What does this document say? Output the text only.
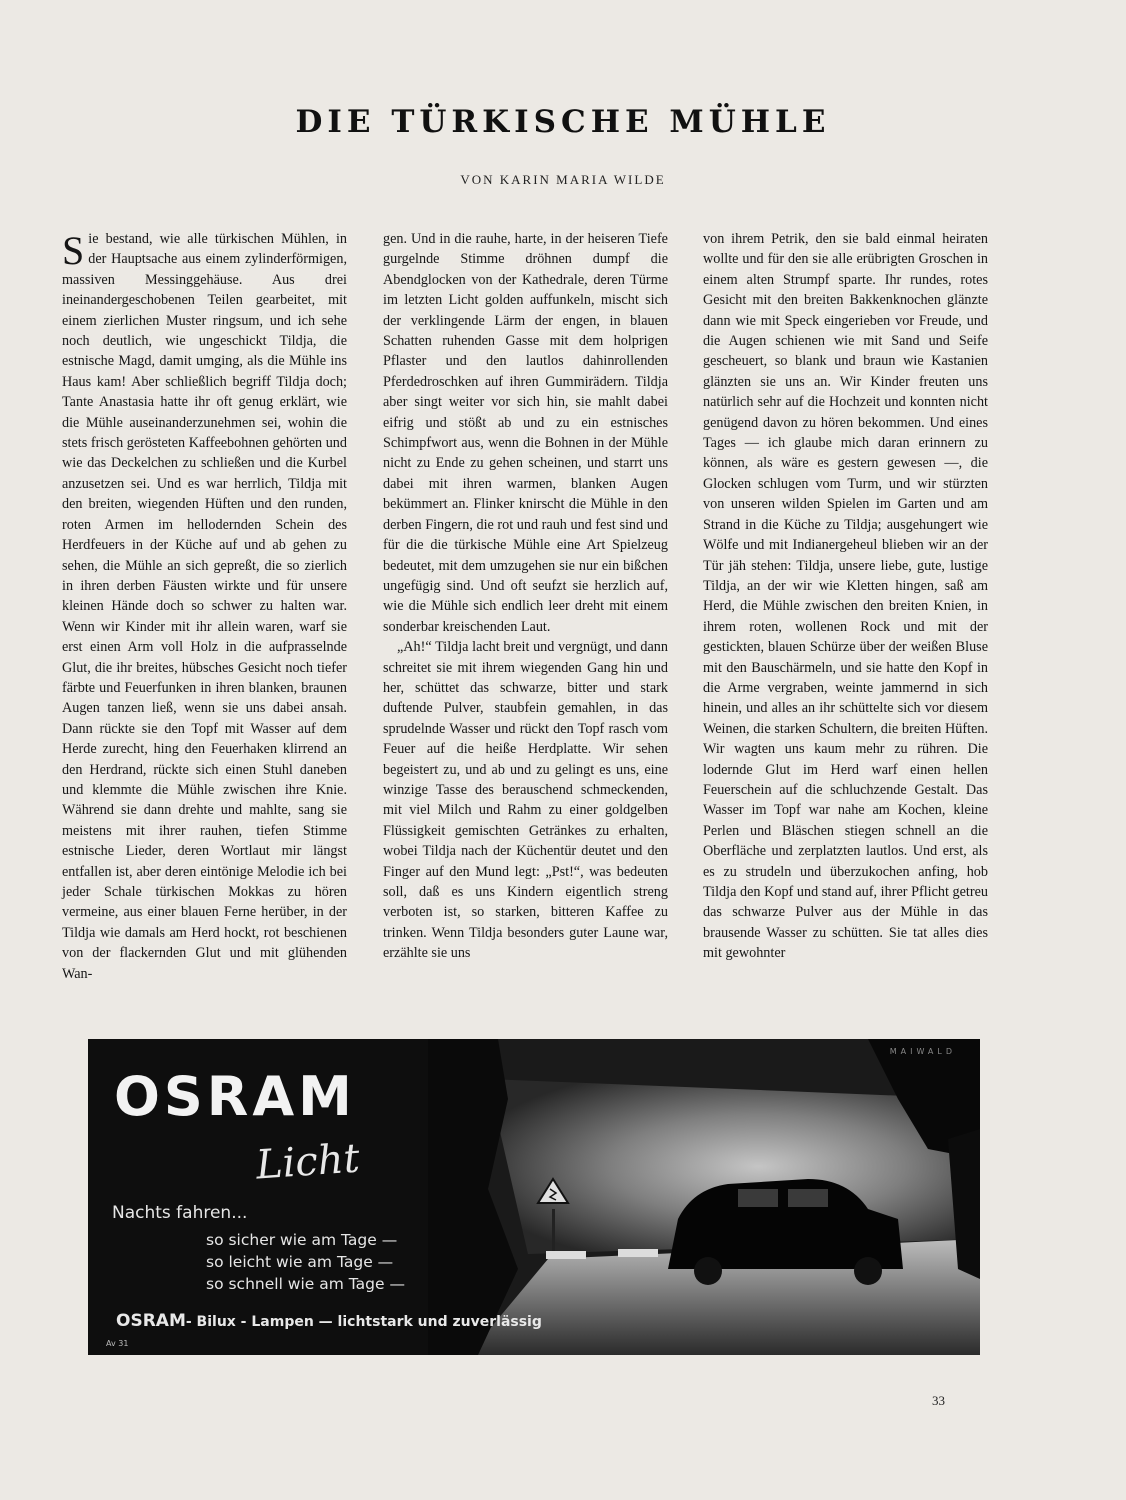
DIE TÜRKISCHE MÜHLE
VON KARIN MARIA WILDE

Sie bestand, wie alle türkischen Mühlen, in der Hauptsache aus einem zylinderförmigen, massiven Messinggehäuse. Aus drei ineinandergeschobenen Teilen gearbeitet, mit einem zierlichen Muster ringsum, und ich sehe noch deutlich, wie ungeschickt Tildja, die estnische Magd, damit umging, als die Mühle ins Haus kam! Aber schließlich begriff Tildja doch; Tante Anastasia hatte ihr oft genug erklärt, wie die Mühle auseinanderzunehmen sei, wohin die stets frisch gerösteten Kaffeebohnen gehörten und wie das Deckelchen zu schließen und die Kurbel anzusetzen sei. Und es war herrlich, Tildja mit den breiten, wiegenden Hüften und den runden, roten Armen im hellodernden Schein des Herdfeuers in der Küche auf und ab gehen zu sehen, die Mühle an sich gepreßt, die so zierlich in ihren derben Fäusten wirkte und für unsere kleinen Hände doch so schwer zu halten war. Wenn wir Kinder mit ihr allein waren, warf sie erst einen Arm voll Holz in die aufprasselnde Glut, die ihr breites, hübsches Gesicht noch tiefer färbte und Feuerfunken in ihren blanken, braunen Augen tanzen ließ, wenn sie uns dabei ansah. Dann rückte sie den Topf mit Wasser auf dem Herde zurecht, hing den Feuerhaken klirrend an den Herdrand, rückte sich einen Stuhl daneben und klemmte die Mühle zwischen ihre Knie. Während sie dann drehte und mahlte, sang sie meistens mit ihrer rauhen, tiefen Stimme estnische Lieder, deren Wortlaut mir längst entfallen ist, aber deren eintönige Melodie ich bei jeder Schale türkischen Mokkas zu hören vermeine, aus einer blauen Ferne herüber, in der Tildja wie damals am Herd hockt, rot beschienen von der flackernden Glut und mit glühenden Wan-

gen. Und in die rauhe, harte, in der heiseren Tiefe gurgelnde Stimme dröhnen dumpf die Abendglocken von der Kathedrale, deren Türme im letzten Licht golden auffunkeln, mischt sich der verklingende Lärm der engen, in blauen Schatten ruhenden Gasse mit dem holprigen Pflaster und den lautlos dahinrollenden Pferdedroschken auf ihren Gummirädern. Tildja aber singt weiter vor sich hin, sie mahlt dabei eifrig und stößt ab und zu ein estnisches Schimpfwort aus, wenn die Bohnen in der Mühle nicht zu Ende zu gehen scheinen, und starrt uns dabei mit ihren warmen, blanken Augen bekümmert an. Flinker knirscht die Mühle in den derben Fingern, die rot und rauh und fest sind und für die die türkische Mühle eine Art Spielzeug bedeutet, mit dem umzugehen sie nur ein bißchen ungefügig sind. Und oft seufzt sie herzlich auf, wie die Mühle sich endlich leer dreht mit einem sonderbar kreischenden Laut.

„Ah!“ Tildja lacht breit und vergnügt, und dann schreitet sie mit ihrem wiegenden Gang hin und her, schüttet das schwarze, bitter und stark duftende Pulver, staubfein gemahlen, in das sprudelnde Wasser und rückt den Topf rasch vom Feuer auf die heiße Herdplatte. Wir sehen begeistert zu, und ab und zu gelingt es uns, eine winzige Tasse des berauschend schmeckenden, mit viel Milch und Rahm zu einer goldgelben Flüssigkeit gemischten Getränkes zu erhalten, wobei Tildja nach der Küchentür deutet und den Finger auf den Mund legt: „Pst!“, was bedeuten soll, daß es uns Kindern eigentlich streng verboten ist, so starken, bitteren Kaffee zu trinken. Wenn Tildja besonders guter Laune war, erzählte sie uns

von ihrem Petrik, den sie bald einmal heiraten wollte und für den sie alle erübrigten Groschen in einem alten Strumpf sparte. Ihr rundes, rotes Gesicht mit den breiten Bakkenknochen glänzte dann wie mit Speck eingerieben vor Freude, und die Augen schienen wie mit Sand und Seife gescheuert, so blank und braun wie Kastanien glänzten sie uns an. Wir Kinder freuten uns natürlich sehr auf die Hochzeit und konnten nicht genügend davon zu hören bekommen. Und eines Tages — ich glaube mich daran erinnern zu können, als wäre es gestern gewesen —, die Glocken schlugen vom Turm, und wir stürzten von unseren wilden Spielen im Garten und am Strand in die Küche zu Tildja; ausgehungert wie Wölfe und mit Indianergeheul blieben wir an der Tür jäh stehen: Tildja, unsere liebe, gute, lustige Tildja, an der wir wie Kletten hingen, saß am Herd, die Mühle zwischen den breiten Knien, in ihrem roten, wollenen Rock und mit der gestickten, blauen Schürze über der weißen Bluse mit den Bauschärmeln, und sie hatte den Kopf in die Arme vergraben, weinte jammernd in sich hinein, und alles an ihr schüttelte sich vor diesem Weinen, die starken Schultern, die breiten Hüften. Wir wagten uns kaum mehr zu rühren. Die lodernde Glut im Herd warf einen hellen Feuerschein auf die schluchzende Gestalt. Das Wasser im Topf war nahe am Kochen, kleine Perlen und Bläschen stiegen schnell an die Oberfläche und zerplatzten lautlos. Und erst, als es zu strudeln und überzukochen anfing, hob Tildja den Kopf und stand auf, ihrer Pflicht getreu das schwarze Pulver aus der Mühle in das brausende Wasser zu schütten. Sie tat alles dies mit gewohnter

MAIWALD
OSRAM
Licht
Nachts fahren...
so sicher wie am Tage —
so leicht wie am Tage —
so schnell wie am Tage —
OSRAM- Bilux - Lampen — lichtstark und zuverlässig
Av 31
33
